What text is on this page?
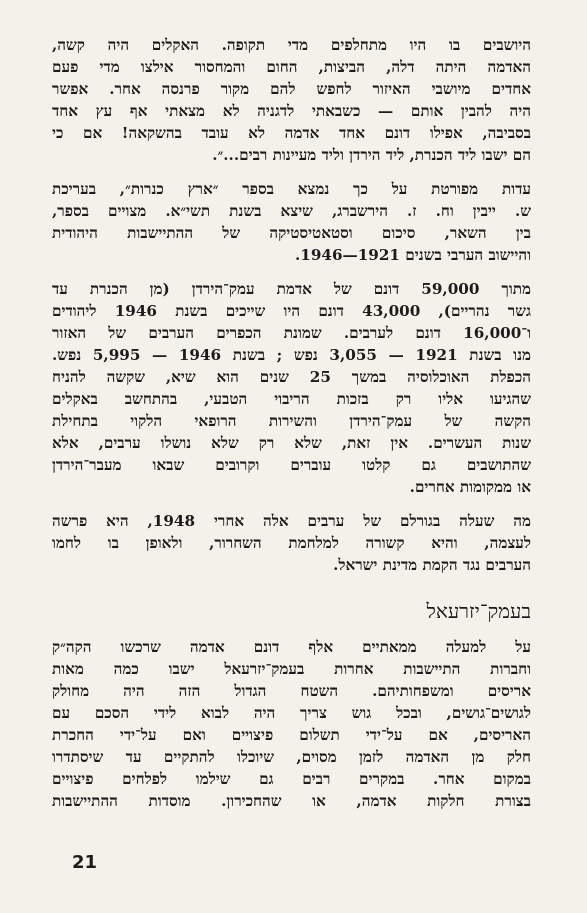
היושבים בו היו מתחלפים מדי תקופה. האקלים היה קשה,
האדמה היתה דלה, הביצות, החום והמחסור אילצו מדי פעם
אחדים מיושבי האיזור לחפש להם מקור פרנסה אחר. אפשר
היה להבין אותם — כשבאתי לדגניה לא מצאתי אף עץ אחד
בסביבה, אפילו דונם אחד אדמה לא עובד בהשקאה! אם כי
הם ישבו ליד הכנרת, ליד הירדן וליד מעיינות רבים...״.
עדות מפורטת על כך נמצא בספר ״ארץ כנרות״, בעריכת
ש. ייבין וח. ז. הירשברג, שיצא בשנת תשי״א. מצויים בספר,
בין השאר, סיכום וסטאטיסטיקה של ההתיישבות היהודית
והיישוב הערבי בשנים 1921—1946.
מתוך 59,000 דונם של אדמת עמק־הירדן (מן הכנרת עד
גשר נהריים), 43,000 דונם היו שייכים בשנת 1946 ליהודים
ו־16,000 דונם לערבים. שמונת הכפרים הערבים של האזור
מנו בשנת 1921 — 3,055 נפש ; בשנת 1946 — 5,995 נפש.
הכפלת האוכלוסיה במשך 25 שנים הוא שיא, שקשה להניח
שהגיעו אליו רק בזכות הריבוי הטבעי, בהתחשב באקלים
הקשה של עמק־הירדן והשירות הרופאי הלקוי בתחילת
שנות העשרים. אין זאת, שלא רק שלא נושלו ערבים, אלא
שהתושבים גם קלטו עוברים וקרובים שבאו מעבר־הירדן
או ממקומות אחרים.
מה שעלה בגורלם של ערבים אלה אחרי 1948, היא פרשה
לעצמה, והיא קשורה למלחמת השחרור, ולאופן בו לחמו
הערבים נגד הקמת מדינת ישראל.
בעמק־יזרעאל
על למעלה ממאתיים אלף דונם אדמה שרכשו הקה״ק
וחברות התיישבות אחרות בעמק־יזרעאל ישבו כמה מאות
אריסים ומשפחותיהם. השטח הגדול הזה היה מחולק
לגושים־גושים, ובכל גוש צריך היה לבוא לידי הסכם עם
האריסים, אם על־ידי תשלום פיצויים ואם על־ידי החכרת
חלק מן האדמה לזמן מסוים, שיוכלו להתקיים עד שיסתדרו
במקום אחר. במקרים רבים גם שילמו לפלחים פיצויים
בצורת חלקות אדמה, או שהחכירון. מוסדות ההתיישבות
21
